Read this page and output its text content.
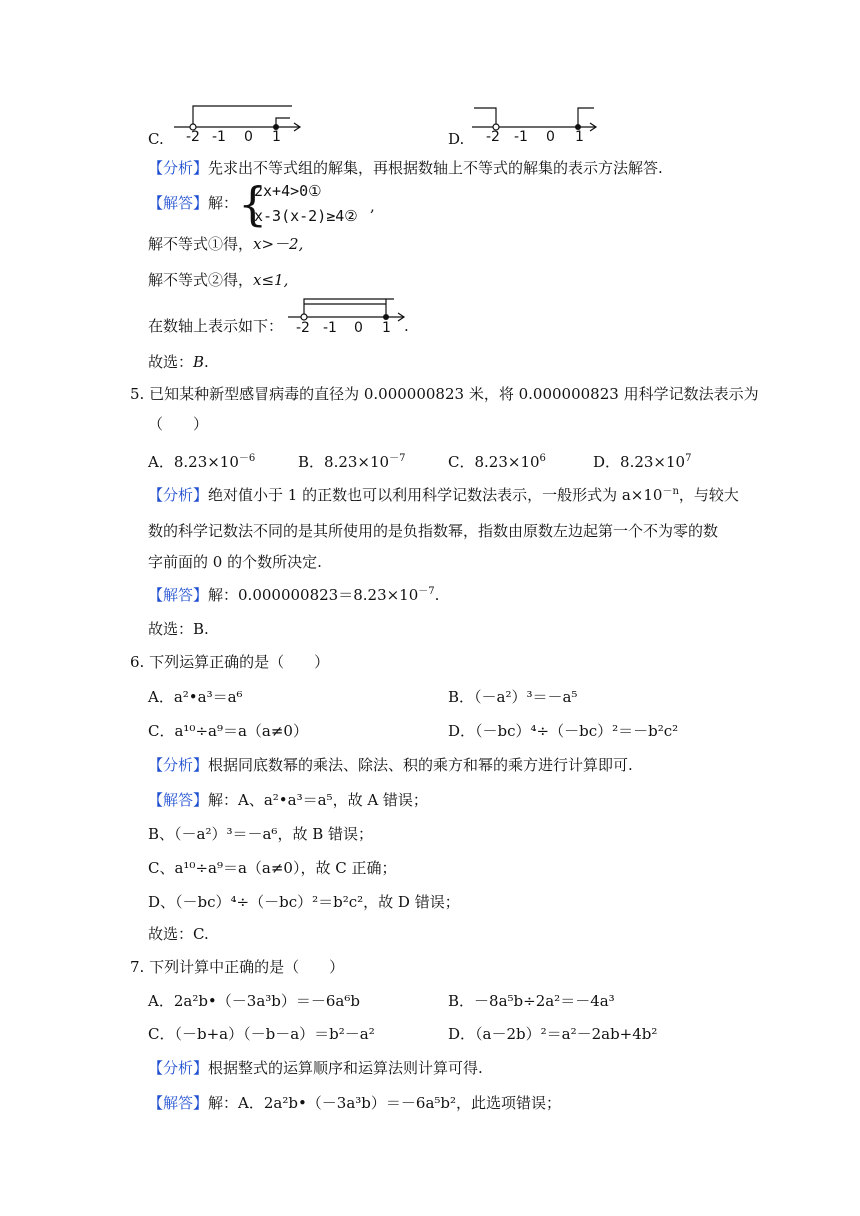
C. -2 -1 0 1	D. -2 -1 0 1
【分析】先求出不等式组的解集，再根据数轴上不等式的解集的表示方法解答.
【解答】解： {
2x+4>0①
x-3(x-2)≥4②
,
解不等式①得，x>－2,
解不等式②得，x≤1,
在数轴上表示如下： -2 -1 0 1 .
故选：B.
5. 已知某种新型感冒病毒的直径为 0.000000823 米，将 0.000000823 用科学记数法表示为
（　　）
A．$8.23\times 10^{-6}$	B．$8.23\times 10^{-7}$	C．$8.23\times 10^6$	D．$8.23\times 10^7$
【分析】绝对值小于 1 的正数也可以利用科学记数法表示，一般形式为 $a\times 10^{-n}$，与较大
数的科学记数法不同的是其所使用的是负指数幂，指数由原数左边起第一个不为零的数
字前面的 0 的个数所决定.
【解答】解：$0.000000823=8.23\times 10^{-7}$.
故选：B.
6. 下列运算正确的是（　　）
A．a²•a³＝a⁶	B．（－a²）³＝－a⁵
C．a¹⁰÷a⁹＝a（a≠0）	D．（－bc）⁴÷（－bc）²＝－b²c²
【分析】根据同底数幂的乘法、除法、积的乘方和幂的乘方进行计算即可.
【解答】解：A、a²•a³＝a⁵，故 A 错误；
B、（－a²）³＝－a⁶，故 B 错误；
C、a¹⁰÷a⁹＝a（a≠0），故 C 正确；
D、（－bc）⁴÷（－bc）²＝b²c²，故 D 错误；
故选：C.
7. 下列计算中正确的是（　　）
A．2a²b•（－3a³b）＝－6a⁶b	B．－8a⁵b÷2a²＝－4a³
C．（－b+a）（－b－a）＝b²－a²	D．（a－2b）²＝a²－2ab+4b²
【分析】根据整式的运算顺序和运算法则计算可得.
【解答】解：A．2a²b•（－3a³b）＝－6a⁵b²，此选项错误；
